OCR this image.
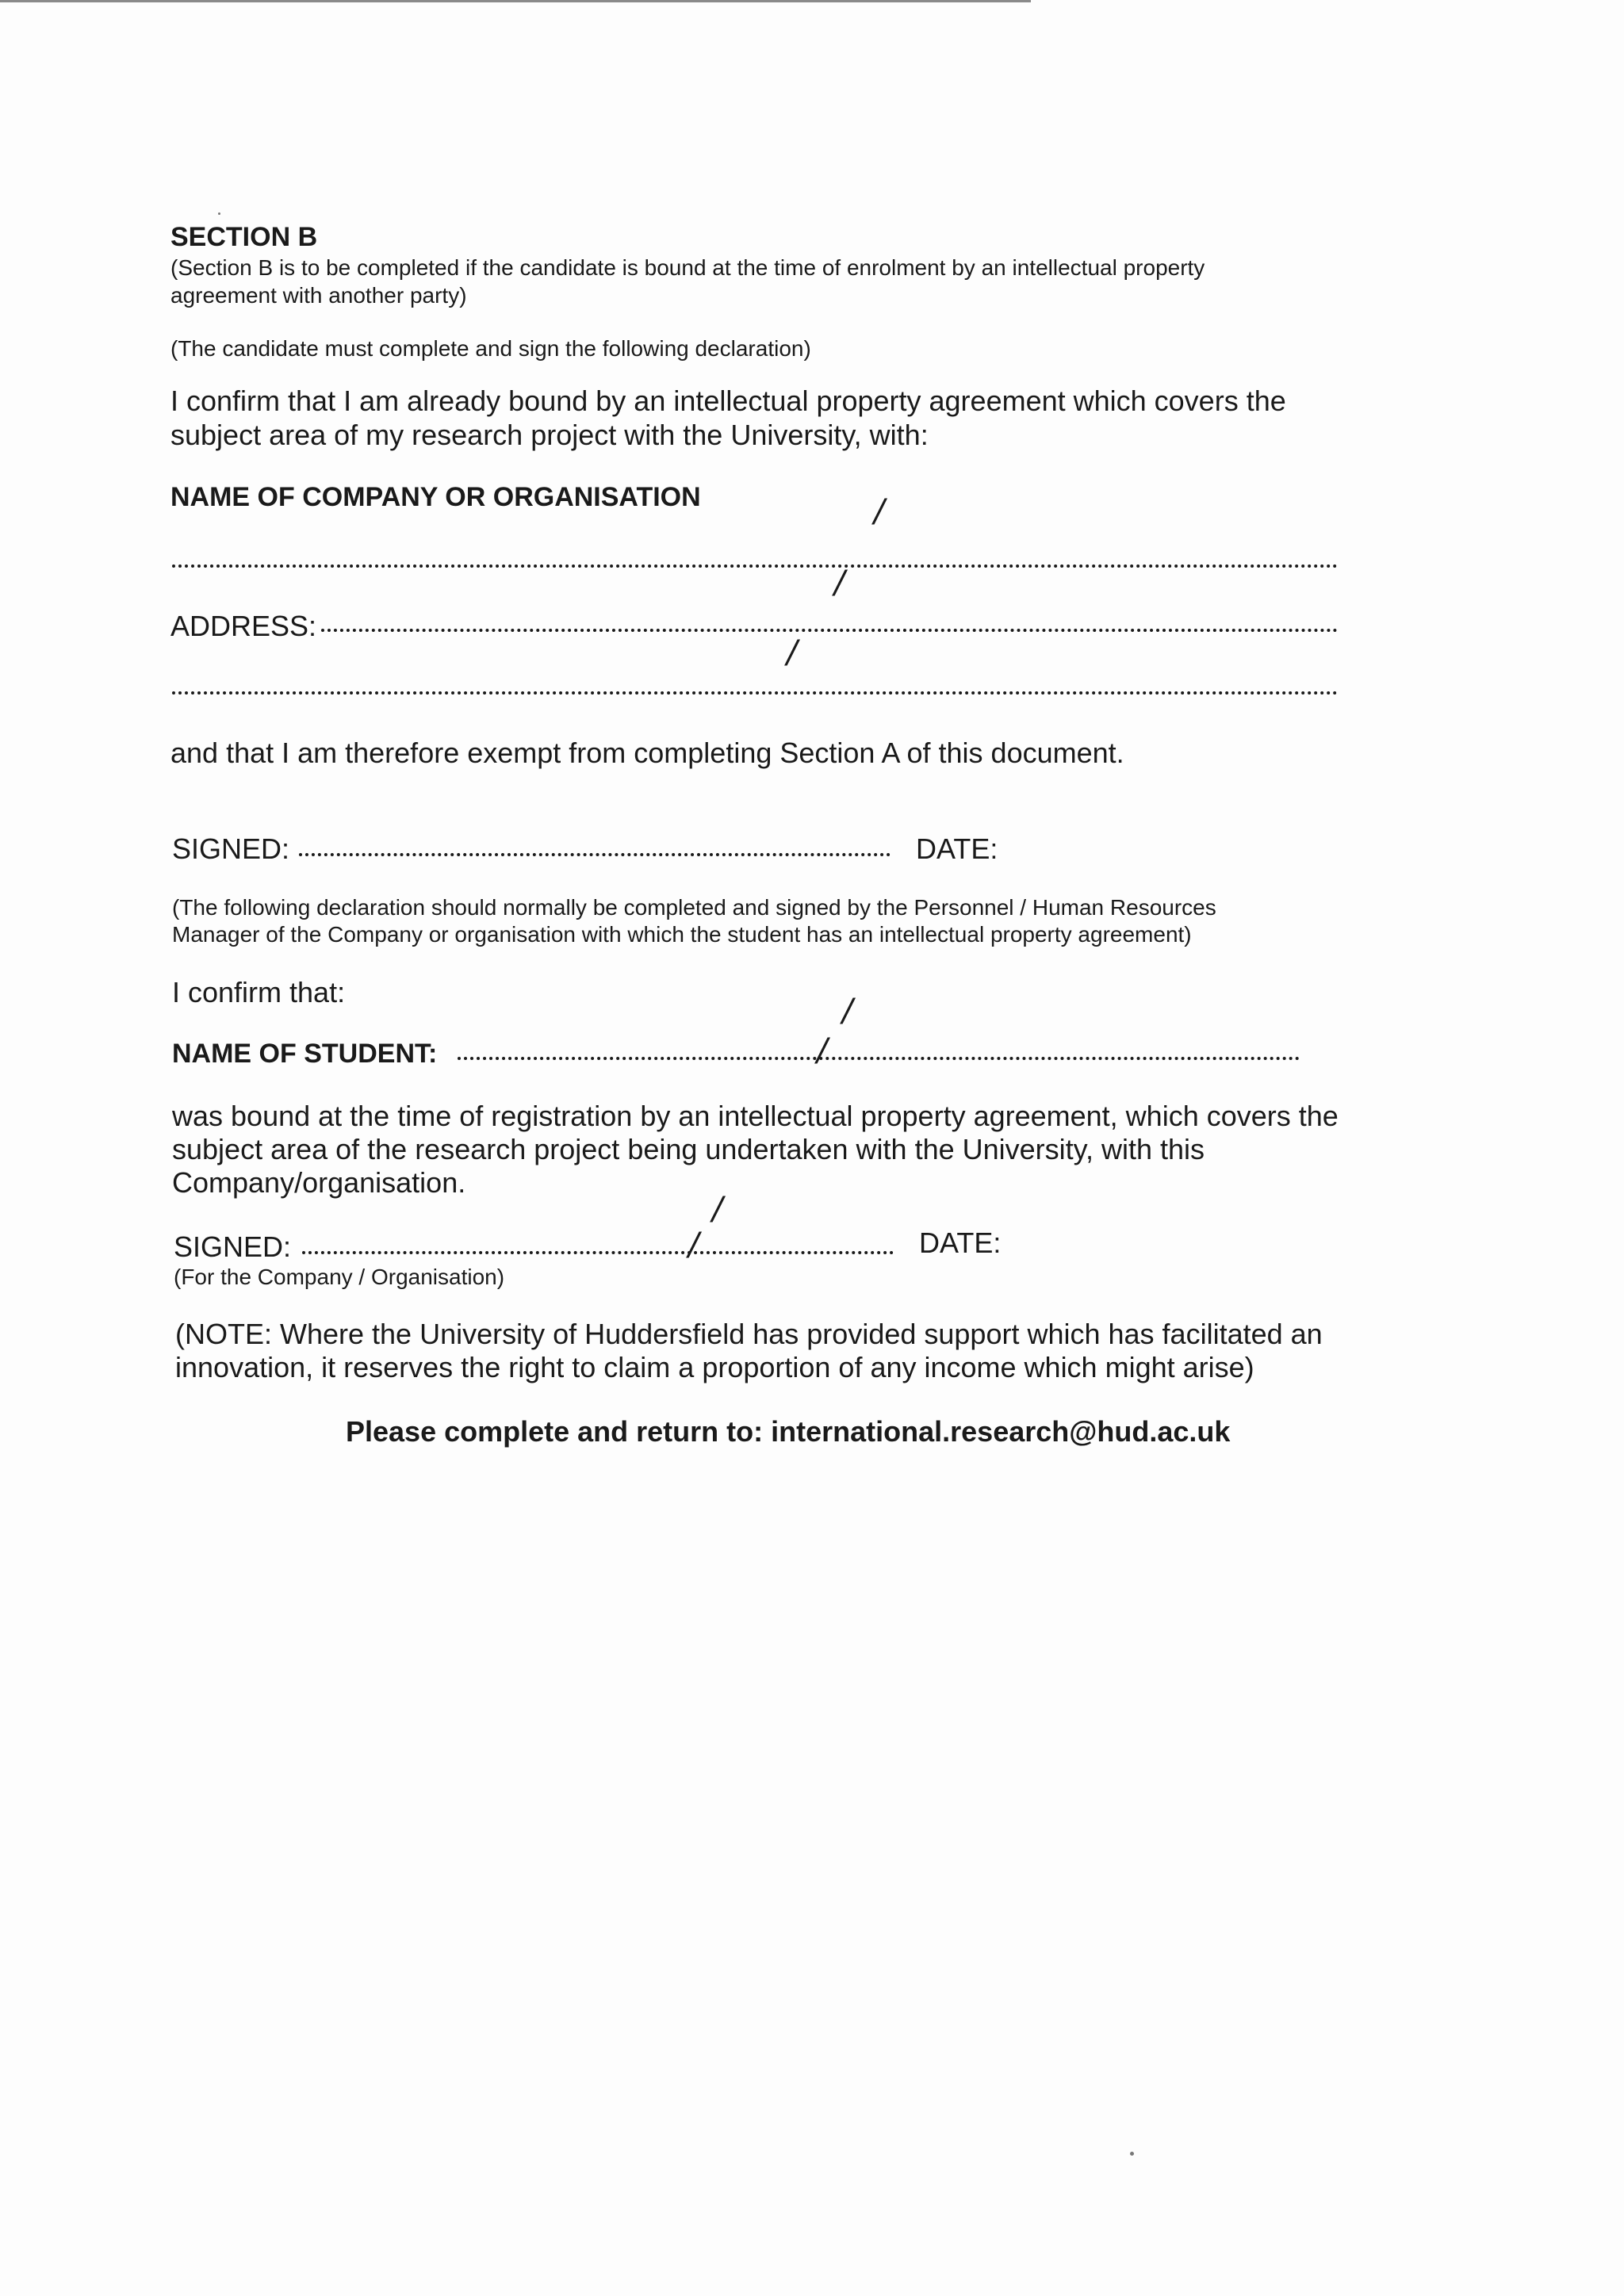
SECTION B

(Section B is to be completed if the candidate is bound at the time of enrolment by an intellectual property

agreement with another party)

(The candidate must complete and sign the following declaration)

I confirm that I am already bound by an intellectual property agreement which covers the

subject area of my research project with the University, with:

NAME OF COMPANY OR ORGANISATION	/
/

ADDRESS:

/

and that I am therefore exempt from completing Section A of this document.

SIGNED:	DATE:

(The following declaration should normally be completed and signed by the Personnel / Human Resources

Manager of the Company or organisation with which the student has an intellectual property agreement)

I confirm that:

/

NAME OF STUDENT:	/

was bound at the time of registration by an intellectual property agreement, which covers the

subject area of the research project being undertaken with the University, with this

Company/organisation.

/

SIGNED:	/	DATE:

(For the Company / Organisation)

(NOTE: Where the University of Huddersfield has provided support which has facilitated an

innovation, it reserves the right to claim a proportion of any income which might arise)

Please complete and return to: international.research@hud.ac.uk
